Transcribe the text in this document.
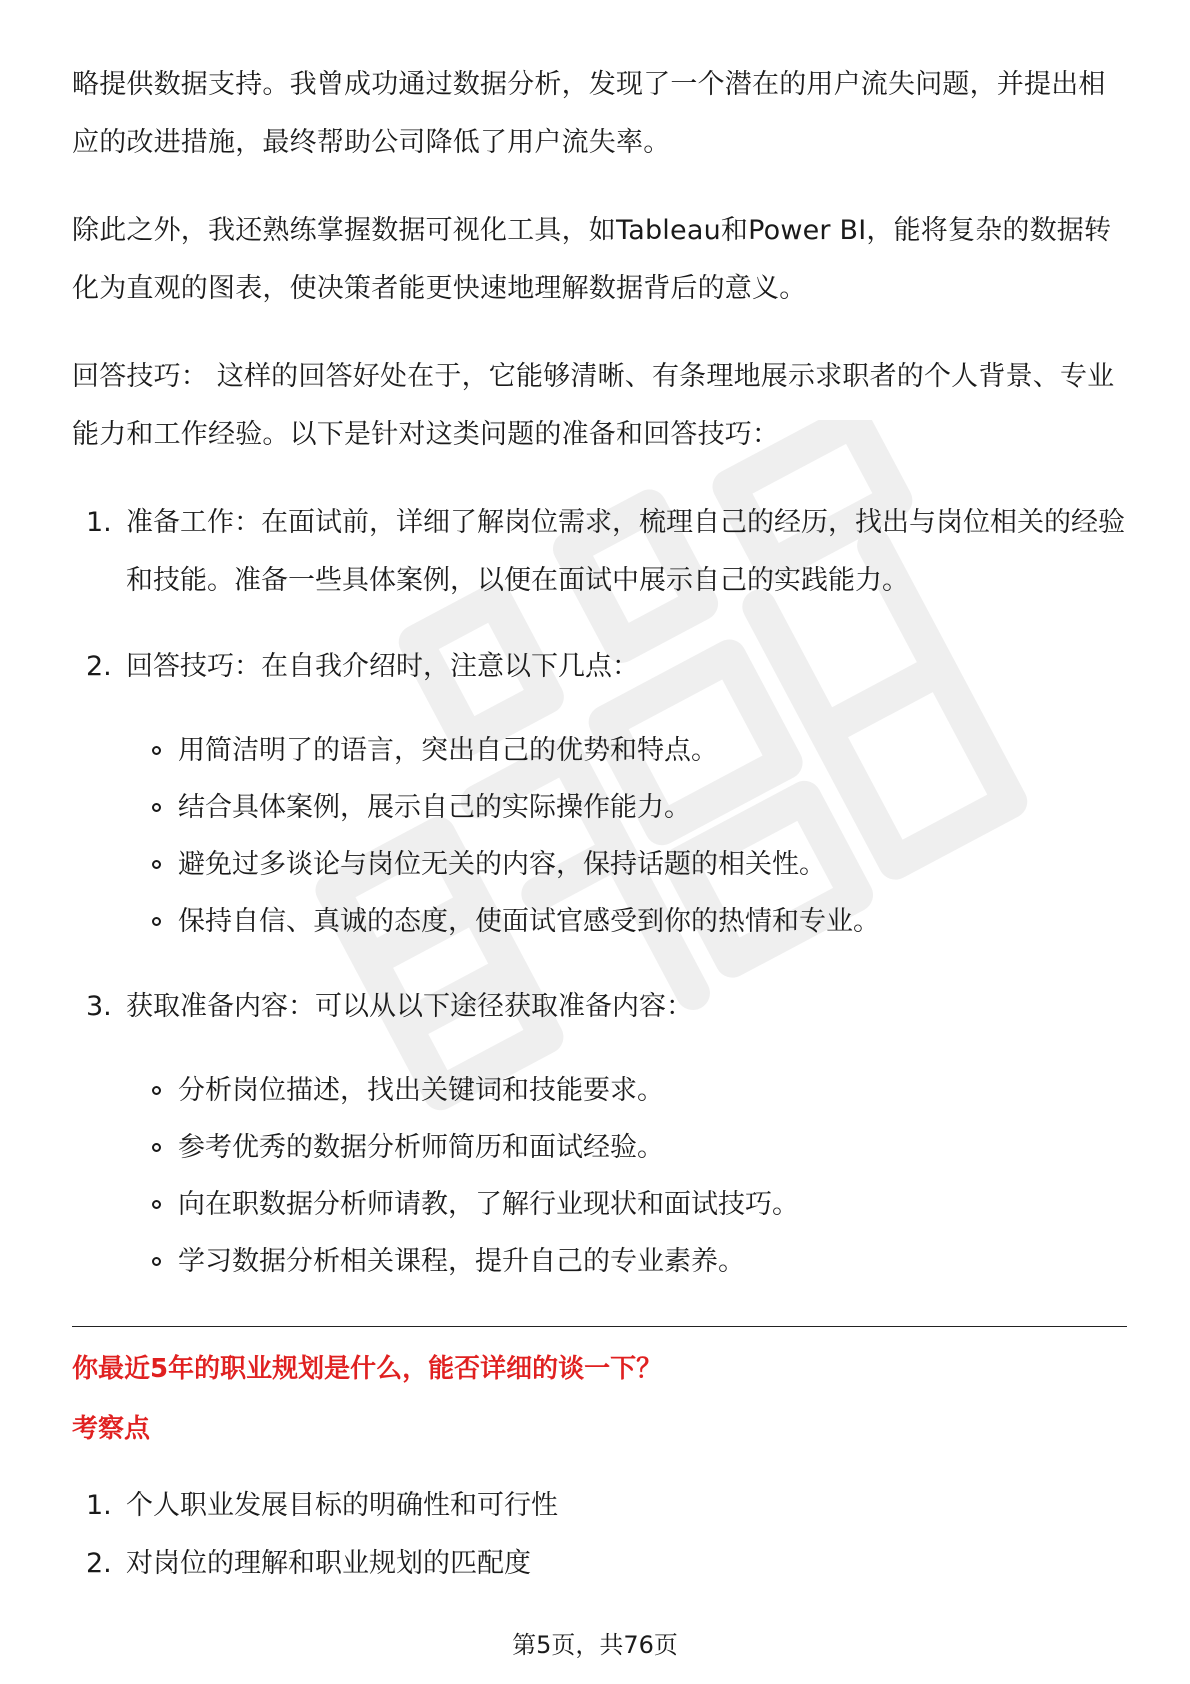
略提供数据支持。我曾成功通过数据分析，发现了一个潜在的用户流失问题，并提出相应的改进措施，最终帮助公司降低了用户流失率。

除此之外，我还熟练掌握数据可视化工具，如Tableau和Power BI，能将复杂的数据转化为直观的图表，使决策者能更快速地理解数据背后的意义。

回答技巧： 这样的回答好处在于，它能够清晰、有条理地展示求职者的个人背景、专业能力和工作经验。以下是针对这类问题的准备和回答技巧：

1. 准备工作：在面试前，详细了解岗位需求，梳理自己的经历，找出与岗位相关的经验和技能。准备一些具体案例，以便在面试中展示自己的实践能力。
2. 回答技巧：在自我介绍时，注意以下几点：
用简洁明了的语言，突出自己的优势和特点。
结合具体案例，展示自己的实际操作能力。
避免过多谈论与岗位无关的内容，保持话题的相关性。
保持自信、真诚的态度，使面试官感受到你的热情和专业。
3. 获取准备内容：可以从以下途径获取准备内容：
分析岗位描述，找出关键词和技能要求。
参考优秀的数据分析师简历和面试经验。
向在职数据分析师请教，了解行业现状和面试技巧。
学习数据分析相关课程，提升自己的专业素养。
你最近5年的职业规划是什么，能否详细的谈一下？
考察点
1. 个人职业发展目标的明确性和可行性
2. 对岗位的理解和职业规划的匹配度
第5页，共76页
